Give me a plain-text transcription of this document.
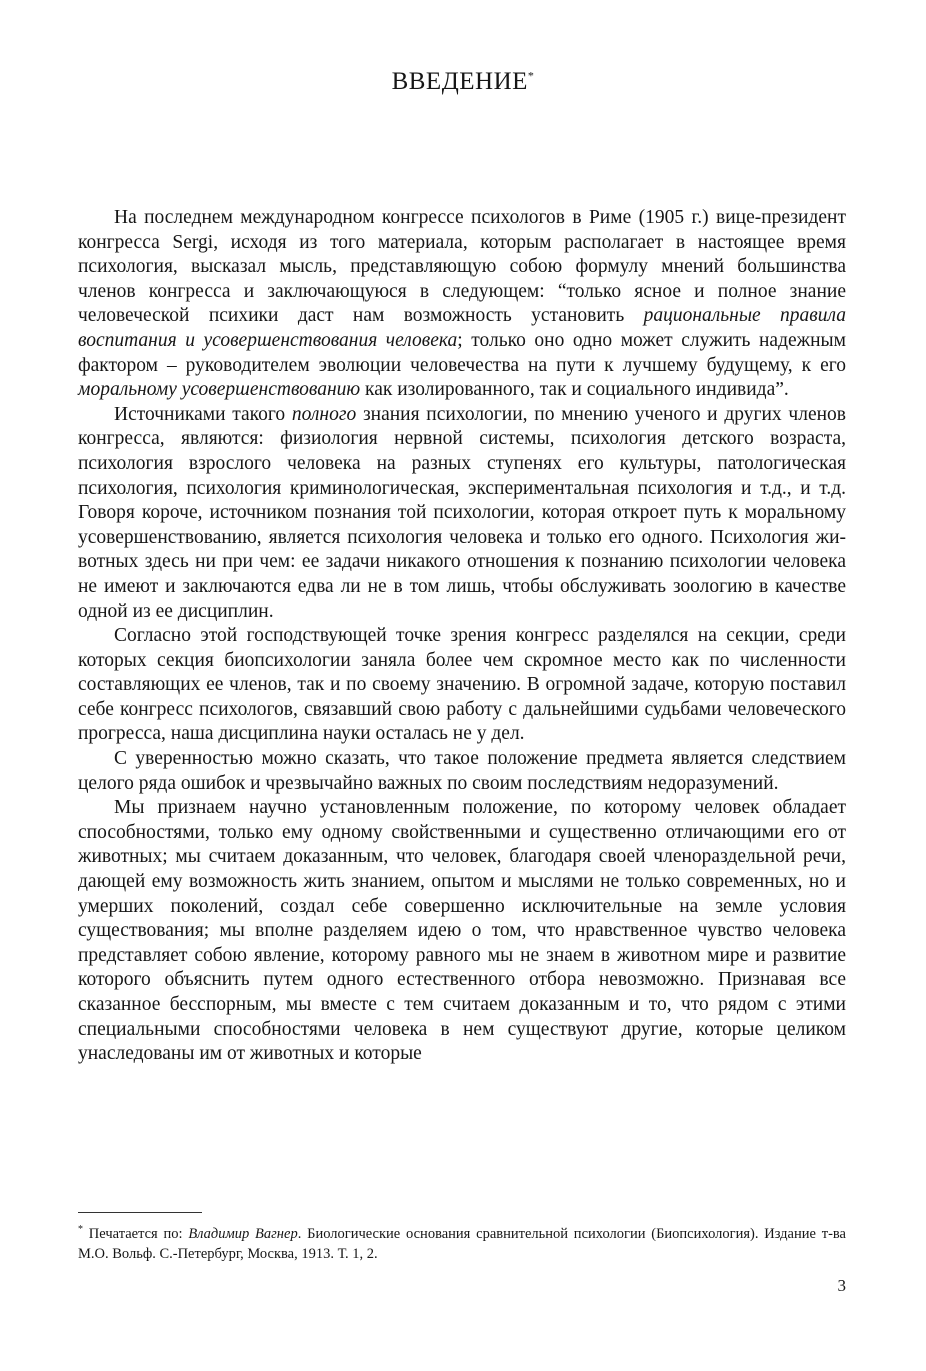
ВВЕДЕНИЕ*

На последнем международном конгрессе психологов в Риме (1905 г.) вице-президент конгресса Sergi, исходя из того материала, которым располагает в настоящее время психология, высказал мысль, представляющую собою формулу мнений большинства членов конгресса и заключающуюся в следующем: “только ясное и полное знание человеческой психики даст нам возможность установить рациональные правила воспитания и усовершенствования человека; только оно одно может служить надежным фактором – руководителем эволюции человечества на пути к лучшему будущему, к его моральному усовершенствованию как изолированного, так и социального индивида”.

Источниками такого полного знания психологии, по мнению ученого и других членов конгресса, являются: физиология нервной системы, психология детского возраста, психология взрослого человека на разных ступенях его культуры, патологическая психология, психология криминологическая, экспериментальная психология и т.д., и т.д. Говоря короче, источником познания той психологии, которая откроет путь к моральному усовершенствованию, является психология человека и только его одного. Психология животных здесь ни при чем: ее задачи никакого отношения к познанию психологии человека не имеют и заключаются едва ли не в том лишь, чтобы обслуживать зоологию в качестве одной из ее дисциплин.

Согласно этой господствующей точке зрения конгресс разделялся на секции, среди которых секция биопсихологии заняла более чем скромное место как по численности составляющих ее членов, так и по своему значению. В огромной задаче, которую поставил себе конгресс психологов, связавший свою работу с дальнейшими судьбами человеческого прогресса, наша дисциплина науки осталась не у дел.

С уверенностью можно сказать, что такое положение предмета является следствием целого ряда ошибок и чрезвычайно важных по своим последствиям недоразумений.

Мы признаем научно установленным положение, по которому человек обладает способностями, только ему одному свойственными и существенно отличающими его от животных; мы считаем доказанным, что человек, благодаря своей членораздельной речи, дающей ему возможность жить знанием, опытом и мыслями не только современных, но и умерших поколений, создал себе совершенно исключительные на земле условия существования; мы вполне разделяем идею о том, что нравственное чувство человека представляет собою явление, которому равного мы не знаем в животном мире и развитие которого объяснить путем одного естественного отбора невозможно. Признавая все сказанное бесспорным, мы вместе с тем считаем доказанным и то, что рядом с этими специальными способностями человека в нем существуют другие, которые целиком унаследованы им от животных и которые

* Печатается по: Владимир Вагнер. Биологические основания сравнительной психологии (Биопсихология). Издание т-ва М.О. Вольф. С.-Петербург, Москва, 1913. Т. 1, 2.

3
